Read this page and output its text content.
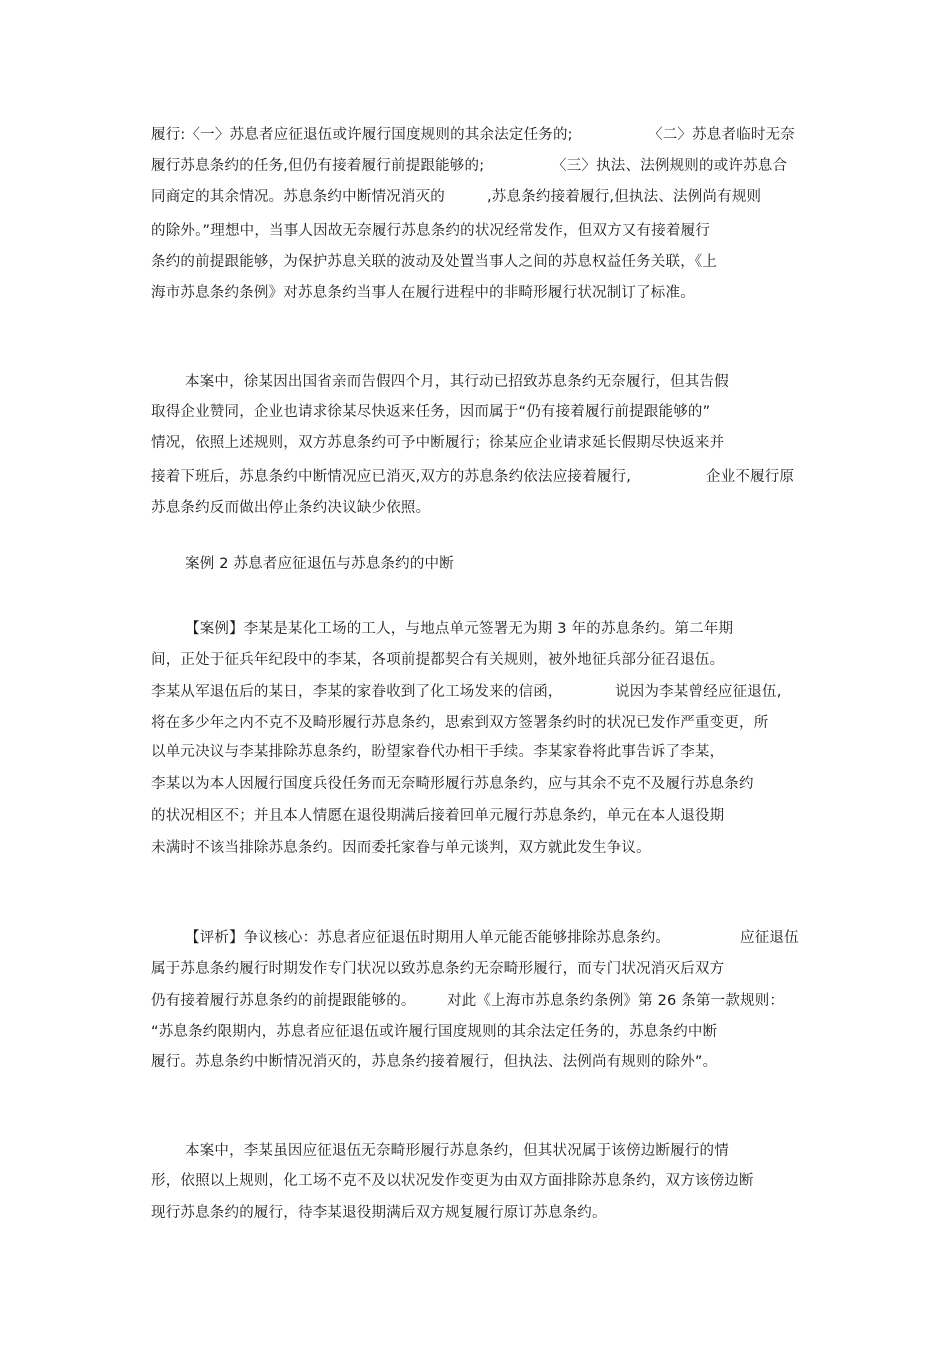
履行:〈一〉苏息者应征退伍或许履行国度规则的其余法定任务的;

	〈二〉苏息者临时无奈

履行苏息条约的任务,但仍有接着履行前提跟能够的;

	〈三〉执法、法例规则的或许苏息合

同商定的其余情况。苏息条约中断情况消灭的

	,苏息条约接着履行,但执法、法例尚有规则

的除外。”理想中，当事人因故无奈履行苏息条约的状况经常发作，但双方又有接着履行

条约的前提跟能够，为保护苏息关联的波动及处置当事人之间的苏息权益任务关联，《上

海市苏息条约条例》对苏息条约当事人在履行进程中的非畸形履行状况制订了标准。

本案中，徐某因出国省亲而告假四个月，其行动已招致苏息条约无奈履行，但其告假

取得企业赞同，企业也请求徐某尽快返来任务，因而属于“仍有接着履行前提跟能够的”

情况，依照上述规则，双方苏息条约可予中断履行；徐某应企业请求延长假期尽快返来并

接着下班后，苏息条约中断情况应已消灭,双方的苏息条约依法应接着履行,

	企业不履行原

苏息条约反而做出停止条约决议缺少依照。

案例 2 苏息者应征退伍与苏息条约的中断

【案例】李某是某化工场的工人，与地点单元签署无为期 3 年的苏息条约。第二年期

间，正处于征兵年纪段中的李某，各项前提都契合有关规则，被外地征兵部分征召退伍。

李某从军退伍后的某日，李某的家眷收到了化工场发来的信函，

	说因为李某曾经应征退伍,

将在多少年之内不克不及畸形履行苏息条约，思索到双方签署条约时的状况已发作严重变更，所

以单元决议与李某排除苏息条约，盼望家眷代办相干手续。李某家眷将此事告诉了李某，

李某以为本人因履行国度兵役任务而无奈畸形履行苏息条约，应与其余不克不及履行苏息条约

的状况相区不；并且本人情愿在退役期满后接着回单元履行苏息条约，单元在本人退役期

未满时不该当排除苏息条约。因而委托家眷与单元谈判，双方就此发生争议。

【评析】争议核心：苏息者应征退伍时期用人单元能否能够排除苏息条约。

	应征退伍

属于苏息条约履行时期发作专门状况以致苏息条约无奈畸形履行，而专门状况消灭后双方

仍有接着履行苏息条约的前提跟能够的。

对此《上海市苏息条约条例》第 26 条第一款规则：

“苏息条约限期内，苏息者应征退伍或许履行国度规则的其余法定任务的，苏息条约中断

履行。苏息条约中断情况消灭的，苏息条约接着履行，但执法、法例尚有规则的除外”。

本案中，李某虽因应征退伍无奈畸形履行苏息条约，但其状况属于该傍边断履行的情

形，依照以上规则，化工场不克不及以状况发作变更为由双方面排除苏息条约，双方该傍边断

现行苏息条约的履行，待李某退役期满后双方规复履行原订苏息条约。
